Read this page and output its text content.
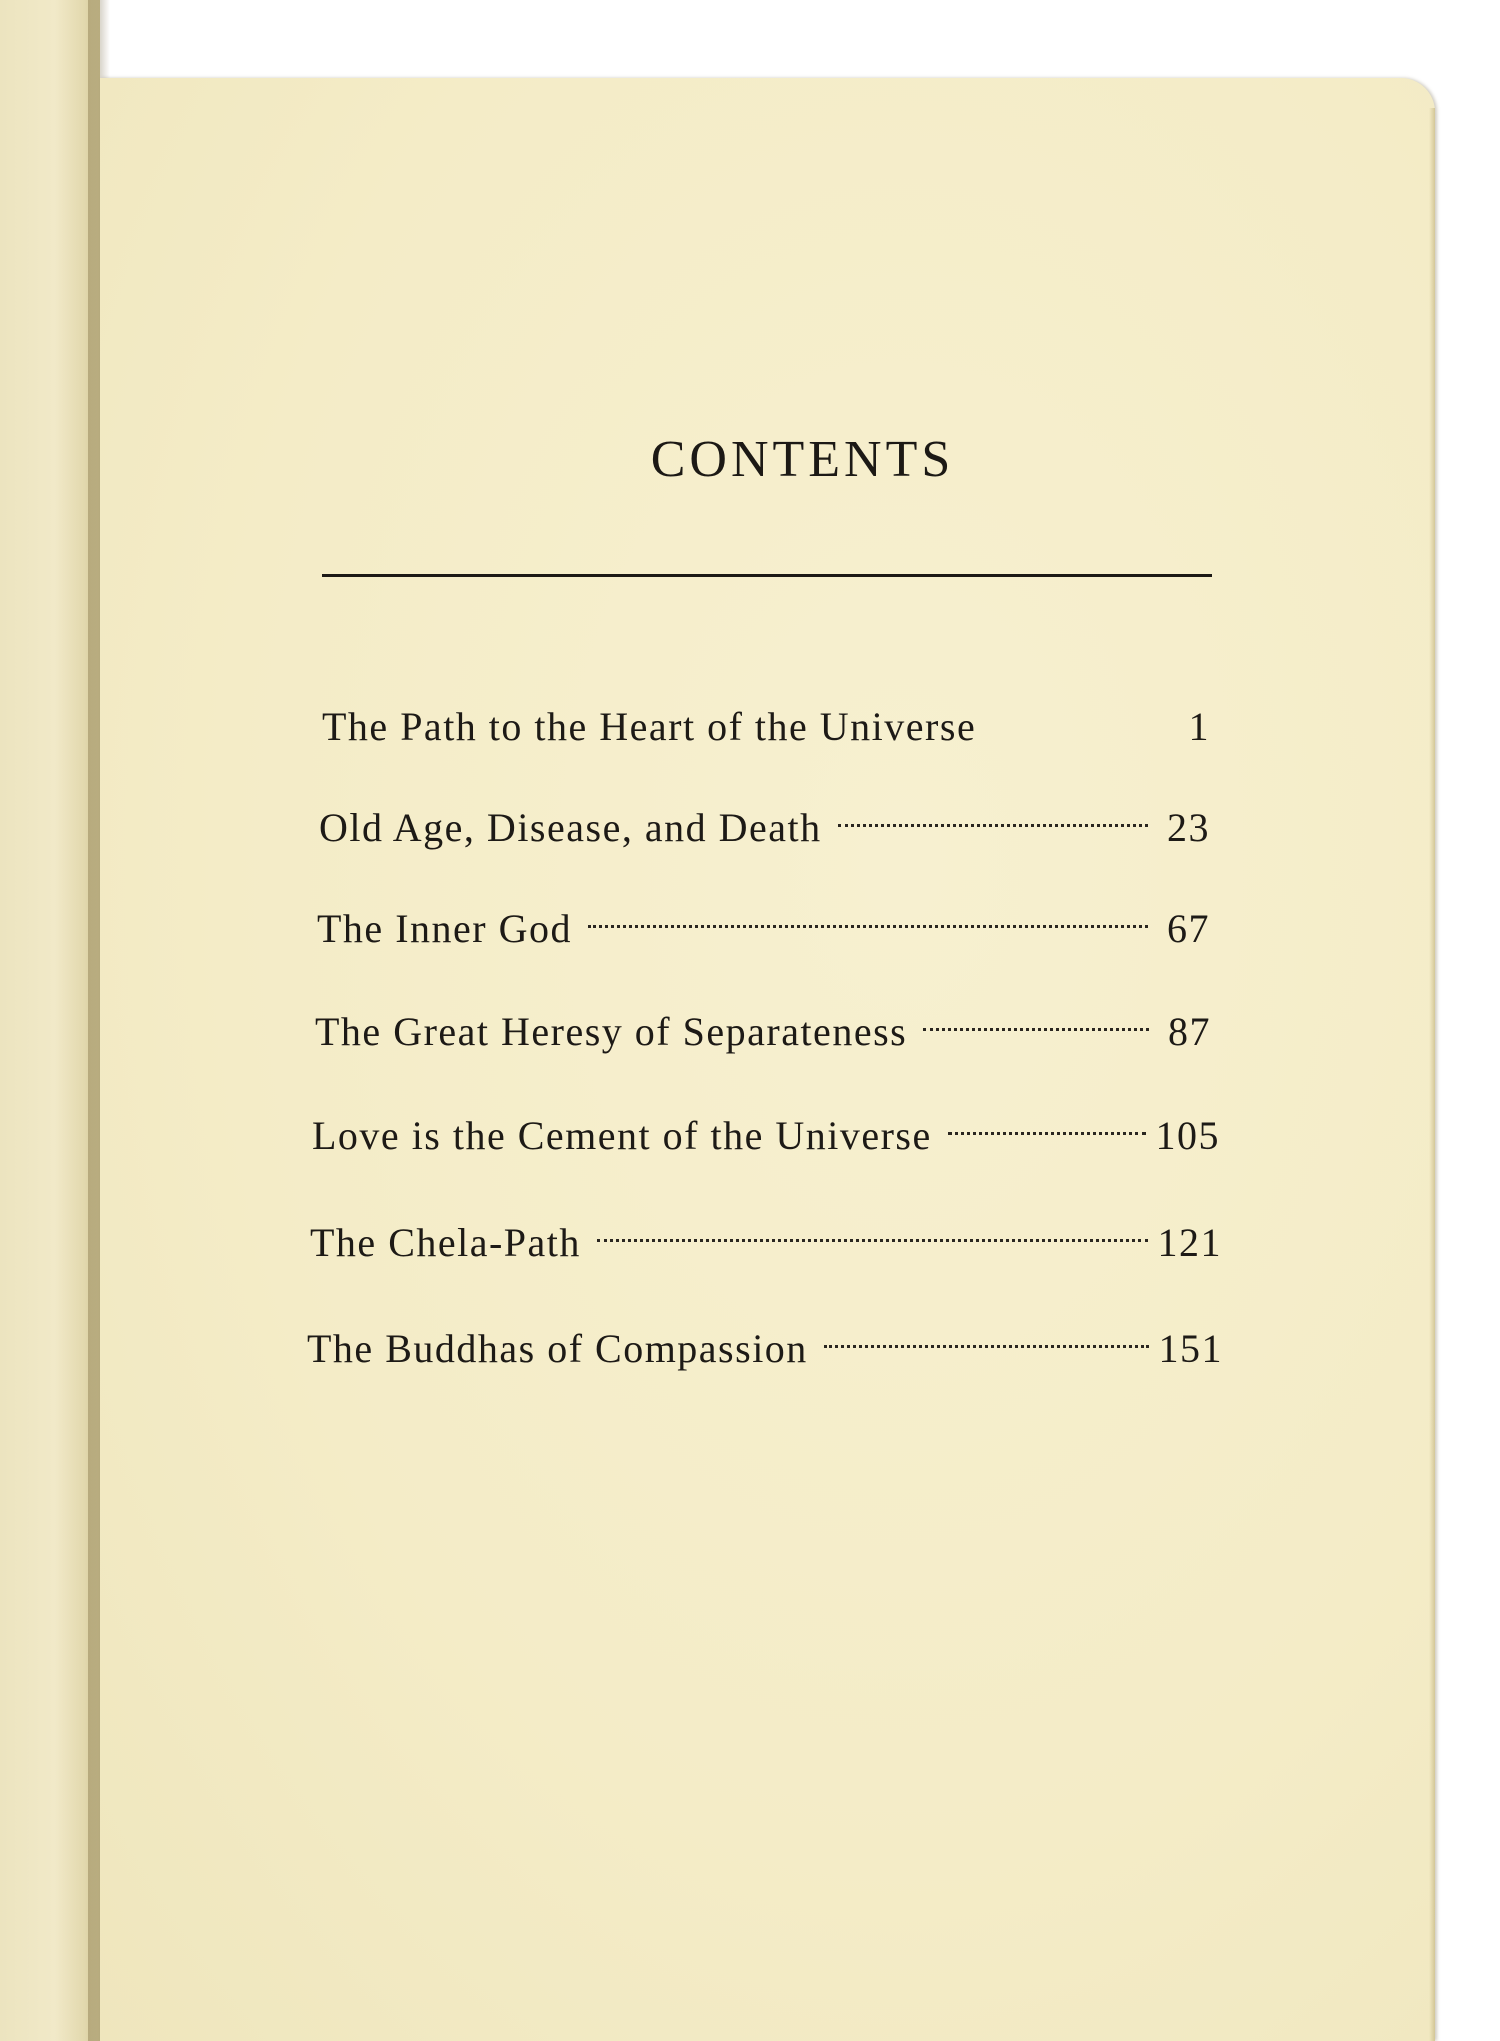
CONTENTS
The Path to the Heart of the Universe	1
Old Age, Disease, and Death	23
The Inner God	67
The Great Heresy of Separateness	87
Love is the Cement of the Universe	105
The Chela-Path	121
The Buddhas of Compassion	151
